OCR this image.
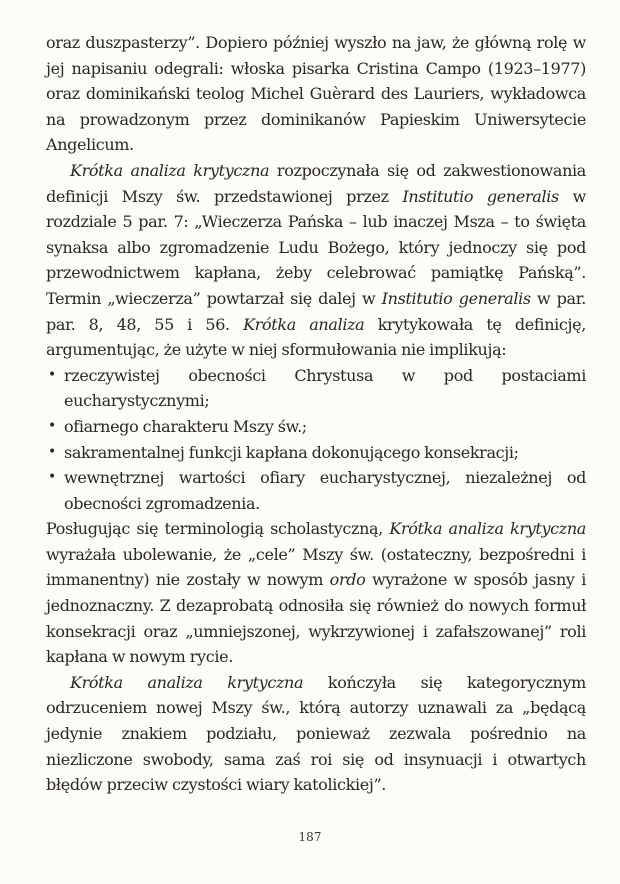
oraz duszpasterzy”. Dopiero później wyszło na jaw, że główną rolę w jej napisaniu odegrali: włoska pisarka Cristina Campo (1923–1977) oraz dominikański teolog Michel Guèrard des Lauriers, wykładowca na prowadzonym przez dominikanów Papieskim Uniwersytecie Angelicum.

Krótka analiza krytyczna rozpoczynała się od zakwestionowania definicji Mszy św. przedstawionej przez Institutio generalis w rozdziale 5 par. 7: „Wieczerza Pańska – lub inaczej Msza – to święta synaksa albo zgromadzenie Ludu Bożego, który jednoczy się pod przewodnictwem kapłana, żeby celebrować pamiątkę Pańską”. Termin „wieczerza” powtarzał się dalej w Institutio generalis w par. par. 8, 48, 55 i 56. Krótka analiza krytykowała tę definicję, argumentując, że użyte w niej sformułowania nie implikują:

• rzeczywistej obecności Chrystusa w pod postaciami eucharystycznymi;
• ofiarnego charakteru Mszy św.;
• sakramentalnej funkcji kapłana dokonującego konsekracji;
• wewnętrznej wartości ofiary eucharystycznej, niezależnej od obecności zgromadzenia.

Posługując się terminologią scholastyczną, Krótka analiza krytyczna wyrażała ubolewanie, że „cele” Mszy św. (ostateczny, bezpośredni i immanentny) nie zostały w nowym ordo wyrażone w sposób jasny i jednoznaczny. Z dezaprobatą odnosiła się również do nowych formuł konsekracji oraz „umniejszonej, wykrzywionej i zafałszowanej” roli kapłana w nowym rycie.

Krótka analiza krytyczna kończyła się kategorycznym odrzuceniem nowej Mszy św., którą autorzy uznawali za „będącą jedynie znakiem podziału, ponieważ zezwala pośrednio na niezliczone swobody, sama zaś roi się od insynuacji i otwartych błędów przeciw czystości wiary katolickiej”.

187
